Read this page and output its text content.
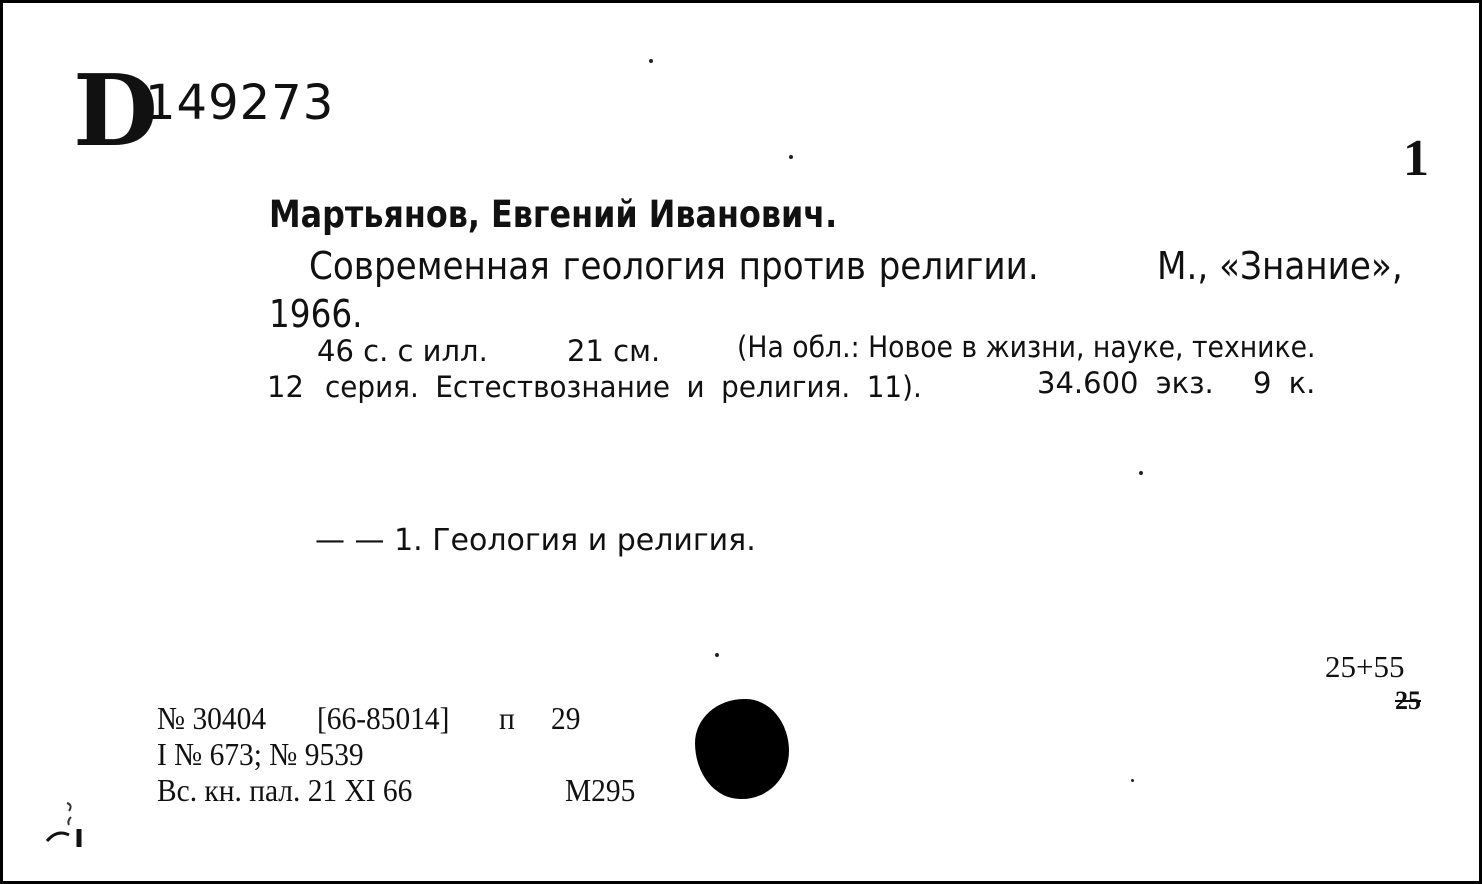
D
149273
1
Мартьянов, Евгений Иванович.
Современная геология против религии.	М., «Знание»,
1966.
46 с. с илл.	21 см.	(На обл.: Новое в жизни, науке, технике.
12 серия. Естествознание и религия. 11).	34.600 экз. 9 к.
— — 1. Геология и религия.
№ 30404 [66-85014] п 29
I № 673; № 9539
Вс. кн. пал. 21 XI 66	М295
25+55
25
